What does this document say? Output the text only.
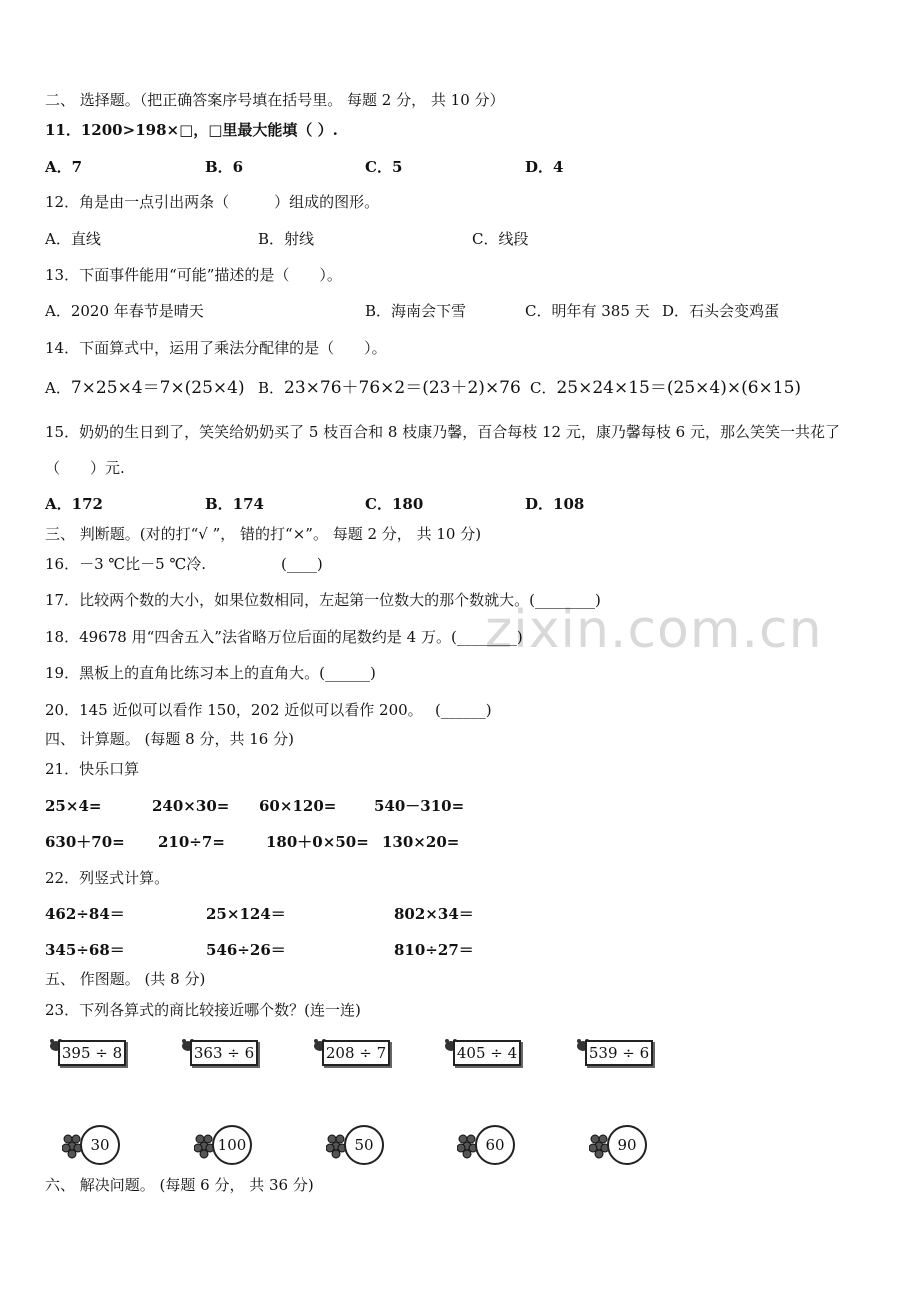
zixin.com.cn
二、 选择题。（把正确答案序号填在括号里。 每题 2 分， 共 10 分）
11．1200>198×□，□里最大能填（ ）.
A．7	B．6	C．5	D．4
12．角是由一点引出两条（　　　）组成的图形。
A．直线	B．射线	C．线段
13．下面事件能用“可能”描述的是（　　）。
A．2020 年春节是晴天	B．海南会下雪	C．明年有 385 天 D．石头会变鸡蛋
14．下面算式中，运用了乘法分配律的是（　　）。
A．7×25×4＝7×(25×4) B．23×76＋76×2＝(23＋2)×76 C．25×24×15＝(25×4)×(6×15)
15．奶奶的生日到了，笑笑给奶奶买了 5 枝百合和 8 枝康乃馨，百合每枝 12 元，康乃馨每枝 6 元，那么笑笑一共花了
（　　）元.
A．172	B．174	C．180	D．108
三、 判断题。(对的打“√ ”， 错的打“×”。 每题 2 分， 共 10 分)
16．－3 ℃比－5 ℃冷.　　　　　(____)
17．比较两个数的大小，如果位数相同，左起第一位数大的那个数就大。(________)
18．49678 用“四舍五入”法省略万位后面的尾数约是 4 万。(________)
19．黑板上的直角比练习本上的直角大。(______)
20．145 近似可以看作 150，202 近似可以看作 200。　 (______)
四、 计算题。 (每题 8 分，共 16 分)
21．快乐口算
25×4=	240×30= 60×120=	540－310=
630＋70= 210÷7=	180＋0×50= 130×20=
22．列竖式计算。
462÷84＝	25×124＝	802×34＝
345÷68＝	546÷26＝	810÷27＝
五、 作图题。 (共 8 分)
23．下列各算式的商比较接近哪个数？(连一连)
395 ÷ 8	363 ÷ 6	208 ÷ 7	405 ÷ 4	539 ÷ 6
30	100	50	60	90
六、 解决问题。 (每题 6 分， 共 36 分)
